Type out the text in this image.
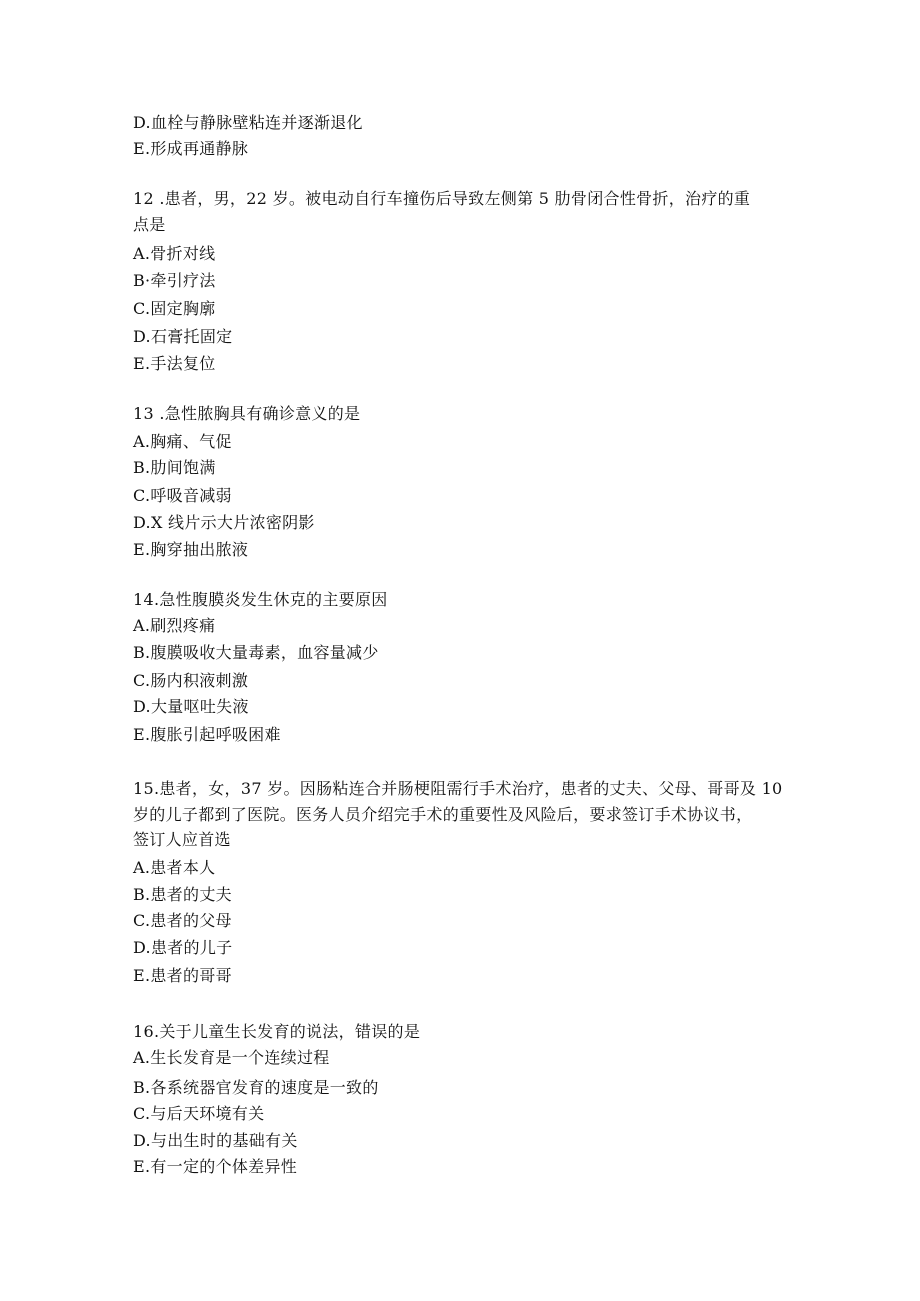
D.血栓与静脉壁粘连并逐渐退化
E.形成再通静脉
12 .患者，男，22 岁。被电动自行车撞伤后导致左侧第 5 肋骨闭合性骨折，治疗的重
点是
A.骨折对线
B·牵引疗法
C.固定胸廓
D.石膏托固定
E.手法复位
13 .急性脓胸具有确诊意义的是
A.胸痛、气促
B.肋间饱满
C.呼吸音减弱
D.X 线片示大片浓密阴影
E.胸穿抽出脓液
14.急性腹膜炎发生休克的主要原因
A.刷烈疼痛
B.腹膜吸收大量毒素，血容量减少
C.肠内积液刺激
D.大量呕吐失液
E.腹胀引起呼吸困难
15.患者，女，37 岁。因肠粘连合并肠梗阻需行手术治疗，患者的丈夫、父母、哥哥及 10
岁的儿子都到了医院。医务人员介绍完手术的重要性及风险后，要求签订手术协议书，
签订人应首选
A.患者本人
B.患者的丈夫
C.患者的父母
D.患者的儿子
E.患者的哥哥
16.关于儿童生长发育的说法，错误的是
A.生长发育是一个连续过程
B.各系统器官发育的速度是一致的
C.与后天环境有关
D.与出生时的基础有关
E.有一定的个体差异性
